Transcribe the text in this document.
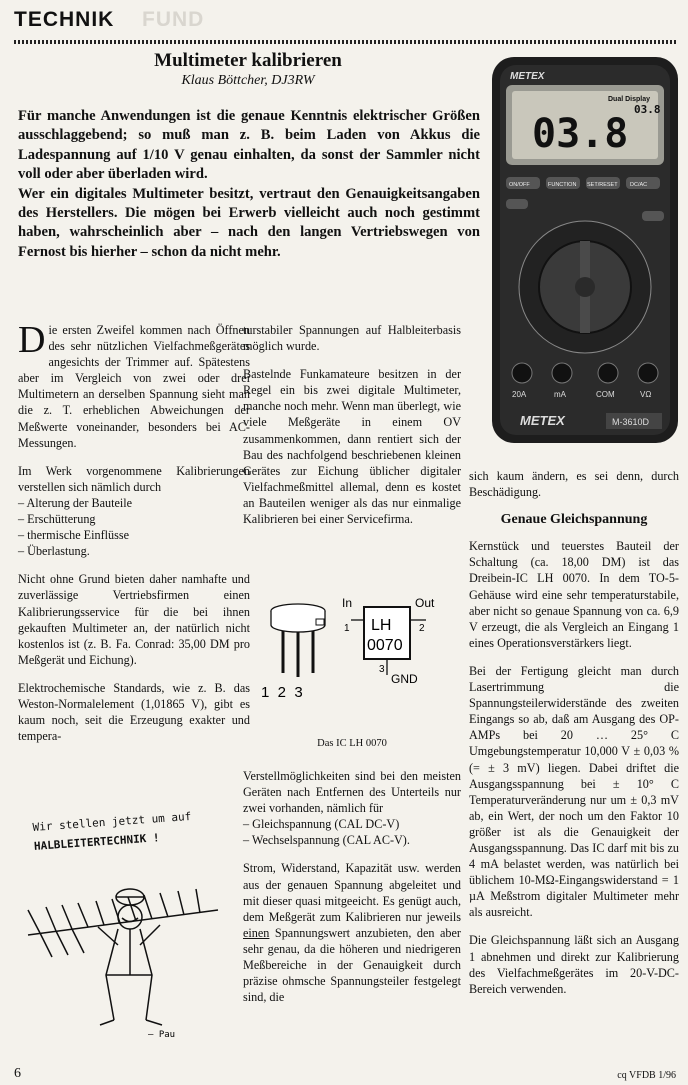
TECHNIK FUND
Multimeter kalibrieren
Klaus Böttcher, DJ3RW

Für manche Anwendungen ist die genaue Kenntnis elektrischer Größen ausschlaggebend; so muß man z. B. beim Laden von Akkus die Ladespannung auf 1/10 V genau einhalten, da sonst der Sammler nicht voll oder aber überladen wird.

Wer ein digitales Multimeter besitzt, vertraut den Genauigkeitsangaben des Herstellers. Die mögen bei Erwerb vielleicht auch noch gestimmt haben, wahrscheinlich aber – nach den langen Vertriebswegen von Fernost bis hierher – schon da nicht mehr.

Die ersten Zweifel kommen nach Öffnen des sehr nützlichen Vielfachmeßgerätes angesichts der Trimmer auf. Spätestens aber im Vergleich von zwei oder drei Multimetern an derselben Spannung sieht man die z. T. erheblichen Abweichungen der Meßwerte voneinander, besonders bei AC-Messungen.

Im Werk vorgenommene Kalibrierungen verstellen sich nämlich durch

– Alterung der Bauteile
– Erschütterung
– thermische Einflüsse
– Überlastung.

Nicht ohne Grund bieten daher namhafte und zuverlässige Vertriebsfirmen einen Kalibrierungsservice für die bei ihnen gekauften Multimeter an, der natürlich nicht kostenlos ist (z. B. Fa. Conrad: 35,00 DM pro Meßgerät und Eichung).

Elektrochemische Standards, wie z. B. das Weston-Normalelement (1,01865 V), gibt es kaum noch, seit die Erzeugung exakter und tempera-

turstabiler Spannungen auf Halbleiterbasis möglich wurde.

Bastelnde Funkamateure besitzen in der Regel ein bis zwei digitale Multimeter, manche noch mehr. Wenn man überlegt, wie viele Meßgeräte in einem OV zusammenkommen, dann rentiert sich der Bau des nachfolgend beschriebenen kleinen Gerätes zur Eichung üblicher digitaler Vielfachmeßmittel allemal, denn es kostet an Bauteilen weniger als das nur einmalige Kalibrieren bei einer Servicefirma.

LH
0070
In	Out
1	2
3
GND
1  2  3
Das IC LH 0070

Verstellmöglichkeiten sind bei den meisten Geräten nach Entfernen des Unterteils nur zwei vorhanden, nämlich für

– Gleichspannung (CAL DC-V)
– Wechselspannung (CAL AC-V).

Strom, Widerstand, Kapazität usw. werden aus der genauen Spannung abgeleitet und mit dieser quasi mitgeeicht. Es genügt auch, dem Meßgerät zum Kalibrieren nur jeweils einen Spannungswert anzubieten, den aber sehr genau, da die höheren und niedrigeren Meßbereiche in der Genauigkeit durch präzise ohmsche Spannungsteiler festgelegt sind, die

METEX
Dual Display
03.8
03.8
ON/OFF	FUNCTION SET/RESET DC/AC
20A	mA	COM	VΩ
METEX	M-3610D

sich kaum ändern, es sei denn, durch Beschädigung.

Genaue Gleichspannung

Kernstück und teuerstes Bauteil der Schaltung (ca. 18,00 DM) ist das Dreibein-IC LH 0070. In dem TO-5-Gehäuse wird eine sehr temperaturstabile, aber nicht so genaue Spannung von ca. 6,9 V erzeugt, die als Vergleich an Eingang 1 eines Operationsverstärkers liegt.

Bei der Fertigung gleicht man durch Lasertrimmung die Spannungsteilerwiderstände des zweiten Eingangs so ab, daß am Ausgang des OP-AMPs bei 20 … 25° C Umgebungstemperatur 10,000 V ± 0,03 % (= ± 3 mV) liegen. Dabei driftet die Ausgangsspannung bei ± 10° C Temperaturveränderung nur um ± 0,3 mV ab, ein Wert, der noch um den Faktor 10 größer ist als die Genauigkeit der Ausgangsspannung. Das IC darf mit bis zu 4 mA belastet werden, was natürlich bei üblichem 10-MΩ-Eingangswiderstand = 1 µA Meßstrom digitaler Multimeter mehr als ausreicht.

Die Gleichspannung läßt sich an Ausgang 1 abnehmen und direkt zur Kalibrierung des Vielfachmeßgerätes im 20-V-DC-Bereich verwenden.

– Pau
Wir stellen jetzt um auf
HALBLEITERTECHNIK !
6	cq VFDB 1/96
